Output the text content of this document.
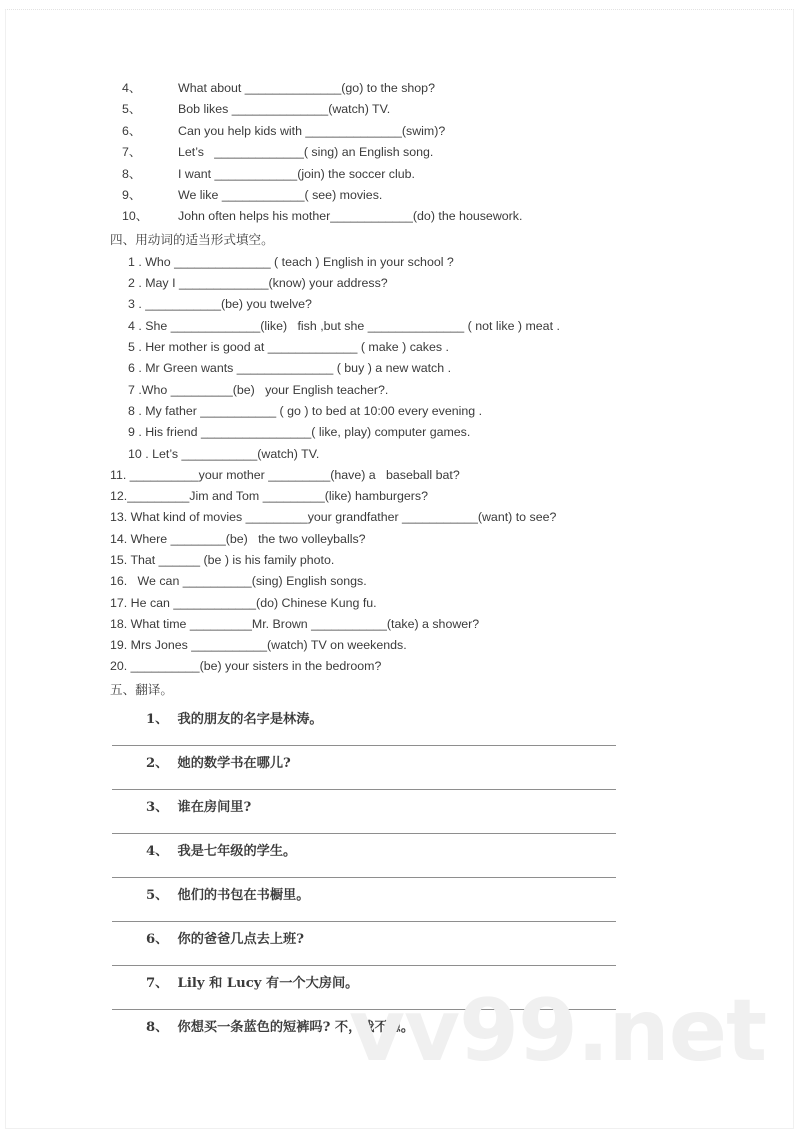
4、	What about ______________(go) to the shop?
5、	Bob likes ______________(watch) TV.
6、	Can you help kids with ______________(swim)?
7、	Let’s   _____________( sing) an English song.
8、	I want ____________(join) the soccer club.
9、	We like ____________( see) movies.
10、	John often helps his mother____________(do) the housework.
四、用动词的适当形式填空。
1 . Who ______________ ( teach ) English in your school ?
2 . May I _____________(know) your address?
3 . ___________(be) you twelve?
4 . She _____________(like)   fish ,but she ______________ ( not like ) meat .
5 . Her mother is good at _____________ ( make ) cakes .
6 . Mr Green wants ______________ ( buy ) a new watch .
7 .Who _________(be)   your English teacher?.
8 . My father ___________ ( go ) to bed at 10:00 every evening .
9 . His friend ________________( like, play) computer games.
10 . Let’s ___________(watch) TV.
11. __________your mother _________(have) a   baseball bat?
12._________Jim and Tom _________(like) hamburgers?
13. What kind of movies _________your grandfather ___________(want) to see?
14. Where ________(be)   the two volleyballs?
15. That ______ (be ) is his family photo.
16.   We can __________(sing) English songs.
17. He can ____________(do) Chinese Kung fu.
18. What time _________Mr. Brown ___________(take) a shower?
19. Mrs Jones ___________(watch) TV on weekends.
20. __________(be) your sisters in the bedroom?
五、翻译。
1、  我的朋友的名字是林涛。
2、  她的数学书在哪儿?
3、  谁在房间里?
4、  我是七年级的学生。
5、  他们的书包在书橱里。
6、  你的爸爸几点去上班?
7、  Lily 和 Lucy 有一个大房间。
8、  你想买一条蓝色的短裤吗? 不，我不想。
vv99.net
